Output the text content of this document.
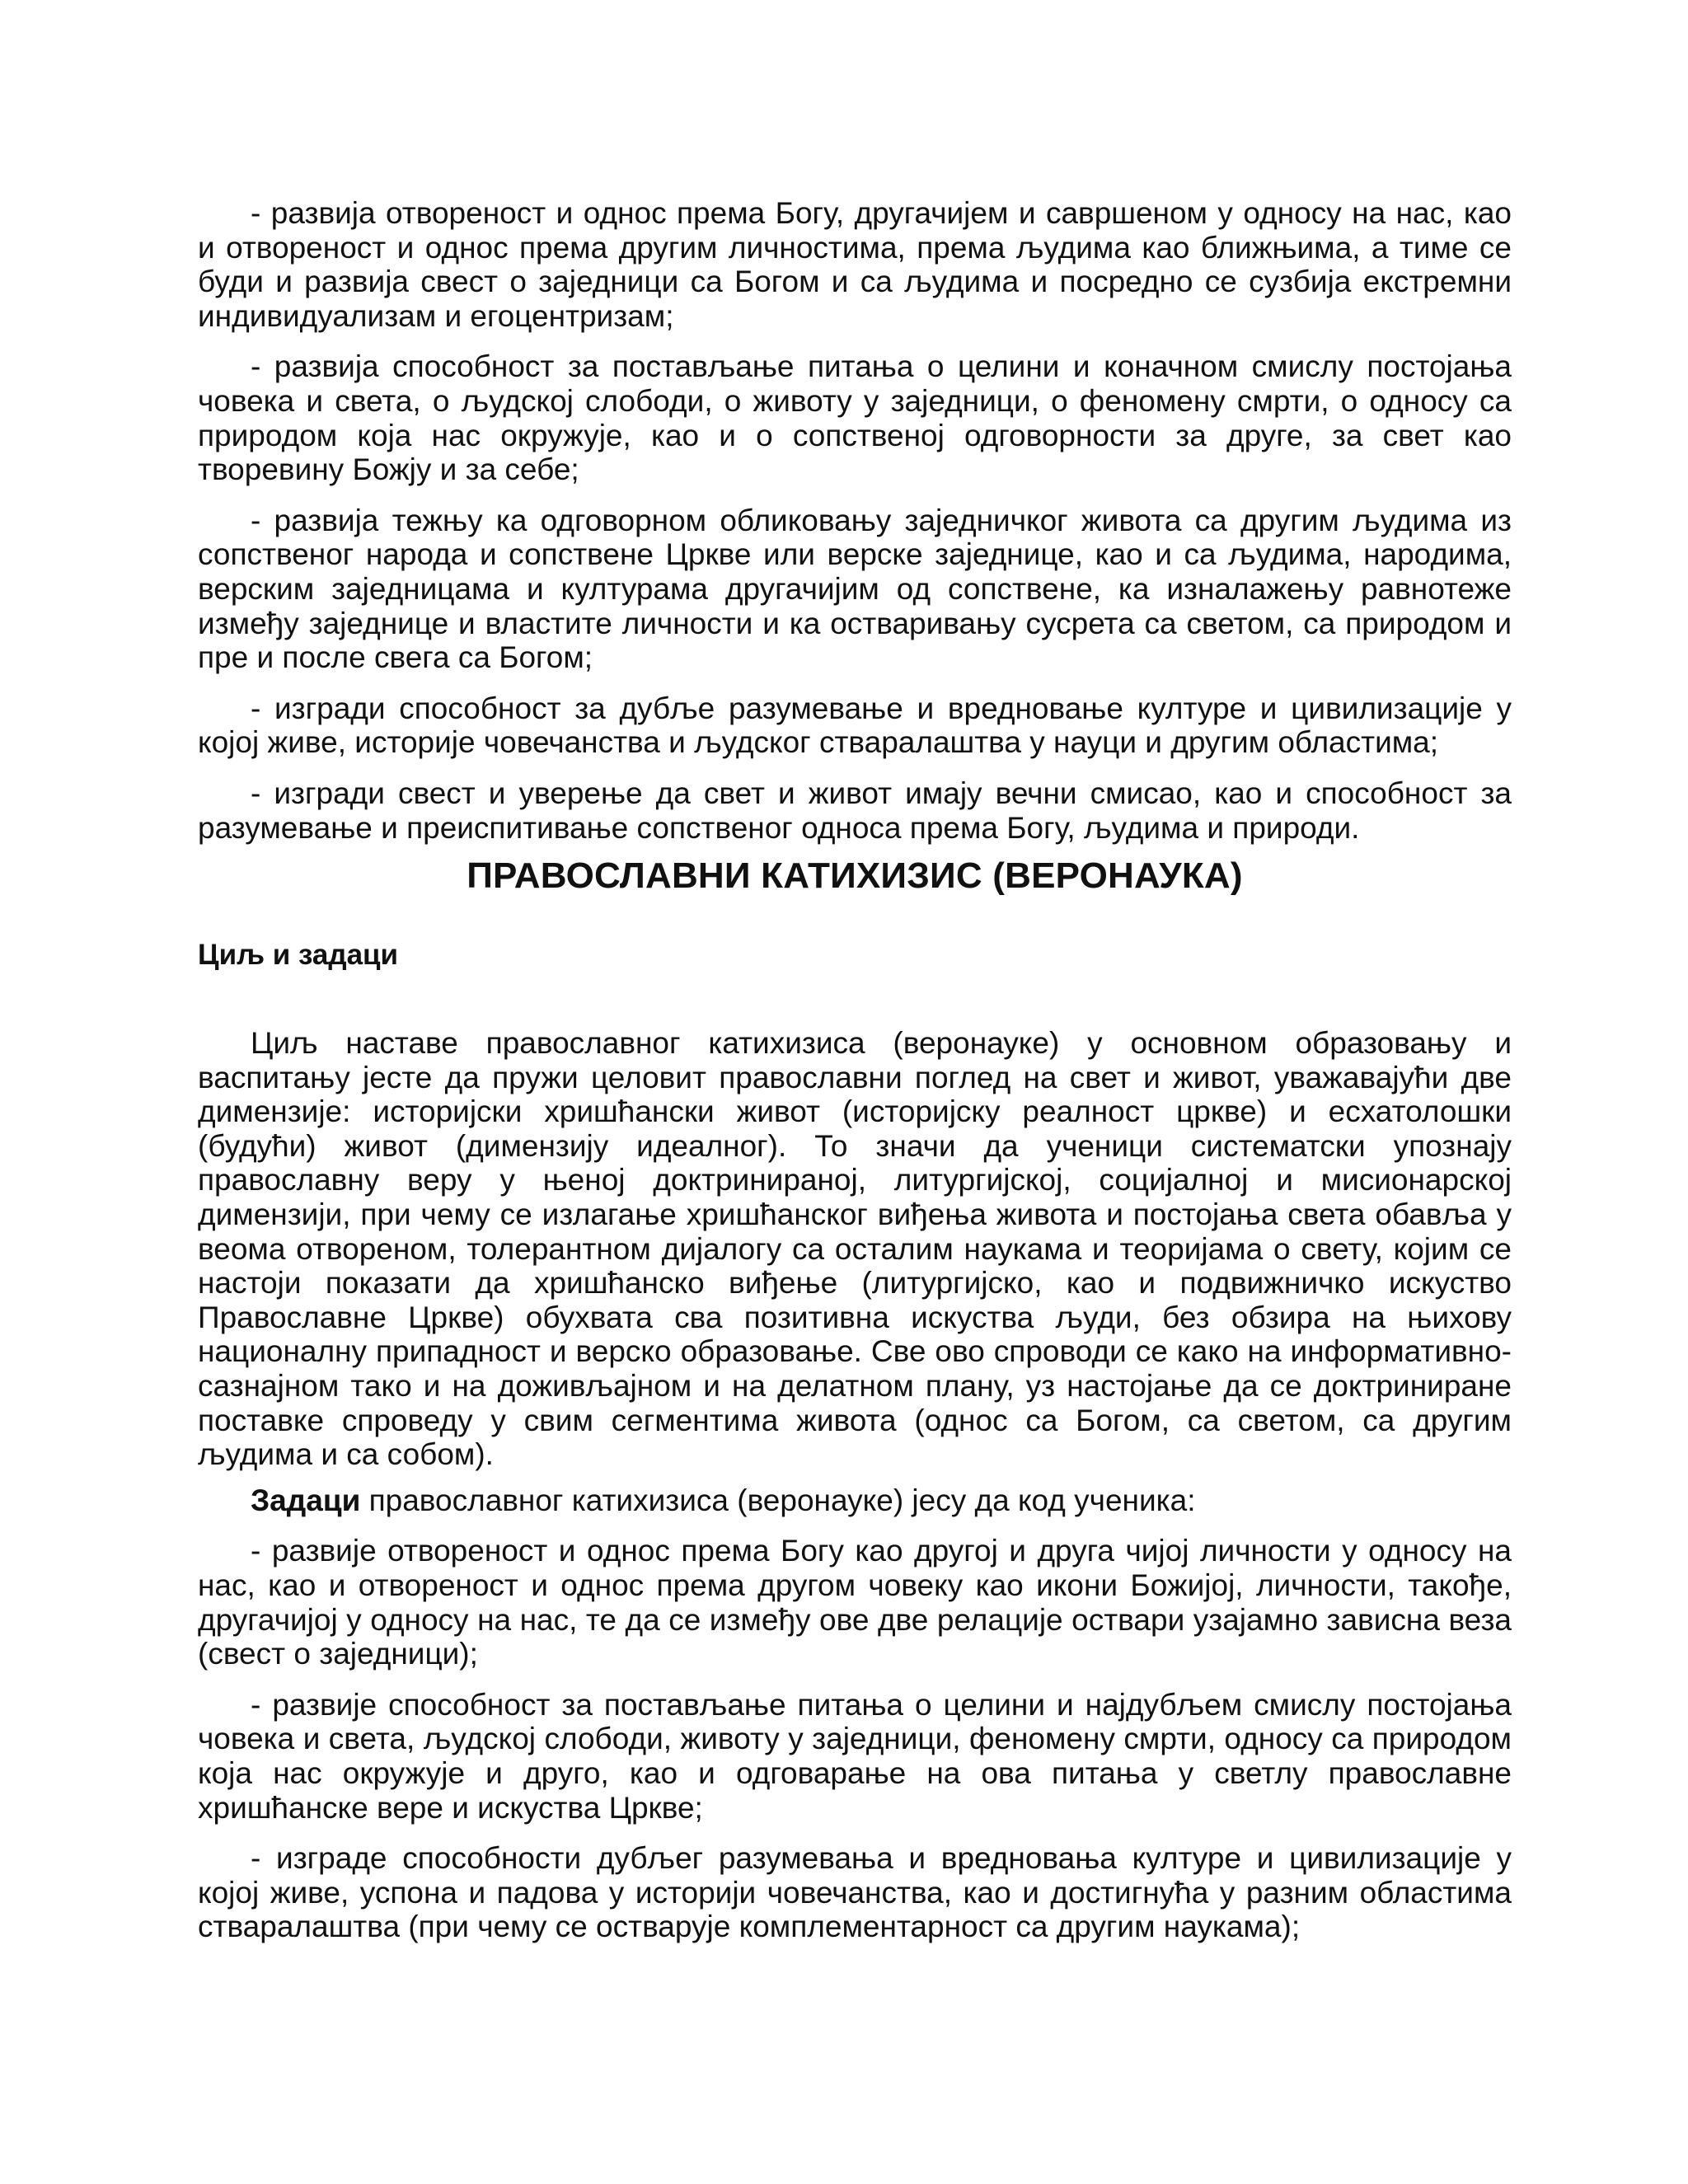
- развија отвореност и однос према Богу, другачијем и савршеном у односу на нас, као и отвореност и однос према другим личностима, према људима као ближњима, а тиме се буди и развија свест о заједници са Богом и са људима и посредно се сузбија екстремни индивидуализам и егоцентризам;

- развија способност за постављање питања о целини и коначном смислу постојања човека и света, о људској слободи, о животу у заједници, о феномену смрти, о односу са природом која нас окружује, као и о сопственој одговорности за друге, за свет као творевину Божју и за себе;

- развија тежњу ка одговорном обликовању заједничког живота са другим људима из сопственог народа и сопствене Цркве или верске заједнице, као и са људима, народима, верским заједницама и културама другачијим од сопствене, ка изналажењу равнотеже између заједнице и властите личности и ка остваривању сусрета са светом, са природом и пре и после свега са Богом;

- изгради способност за дубље разумевање и вредновање културе и цивилизације у којој живе, историје човечанства и људског стваралаштва у науци и другим областима;

- изгради свест и уверење да свет и живот имају вечни смисао, као и способност за разумевање и преиспитивање сопственог односа према Богу, људима и природи.

ПРАВОСЛАВНИ КАТИХИЗИС (ВЕРОНАУКА)
Циљ и задаци

Циљ наставе православног катихизиса (веронауке) у основном образовању и васпитању јесте да пружи целовит православни поглед на свет и живот, уважавајући две димензије: историјски хришћански живот (историјску реалност цркве) и есхатолошки (будући) живот (димензију идеалног). То значи да ученици систематски упознају православну веру у њеној доктринираној, литургијској, социјалној и мисионарској димензији, при чему се излагање хришћанског виђења живота и постојања света обавља у веома отвореном, толерантном дијалогу са осталим наукама и теоријама о свету, којим се настоји показати да хришћанско виђење (литургијско, као и подвижничко искуство Православне Цркве) обухвата сва позитивна искуства људи, без обзира на њихову националну припадност и верско образовање. Све ово спроводи се како на информативно-сазнајном тако и на доживљајном и на делатном плану, уз настојање да се доктриниране поставке спроведу у свим сегментима живота (однос са Богом, са светом, са другим људима и са собом).

Задаци православног катихизиса (веронауке) јесу да код ученика:

- развије отвореност и однос према Богу као другој и друга чијој личности у односу на нас, као и отвореност и однос према другом човеку као икони Божијој, личности, такође, другачијој у односу на нас, те да се између ове две релације оствари узајамно зависна веза (свест о заједници);

- развије способност за постављање питања о целини и најдубљем смислу постојања човека и света, људској слободи, животу у заједници, феномену смрти, односу са природом која нас окружује и друго, као и одговарање на ова питања у светлу православне хришћанске вере и искуства Цркве;

- изграде способности дубљег разумевања и вредновања културе и цивилизације у којој живе, успона и падова у историји човечанства, као и достигнућа у разним областима стваралаштва (при чему се остварује комплементарност са другим наукама);
